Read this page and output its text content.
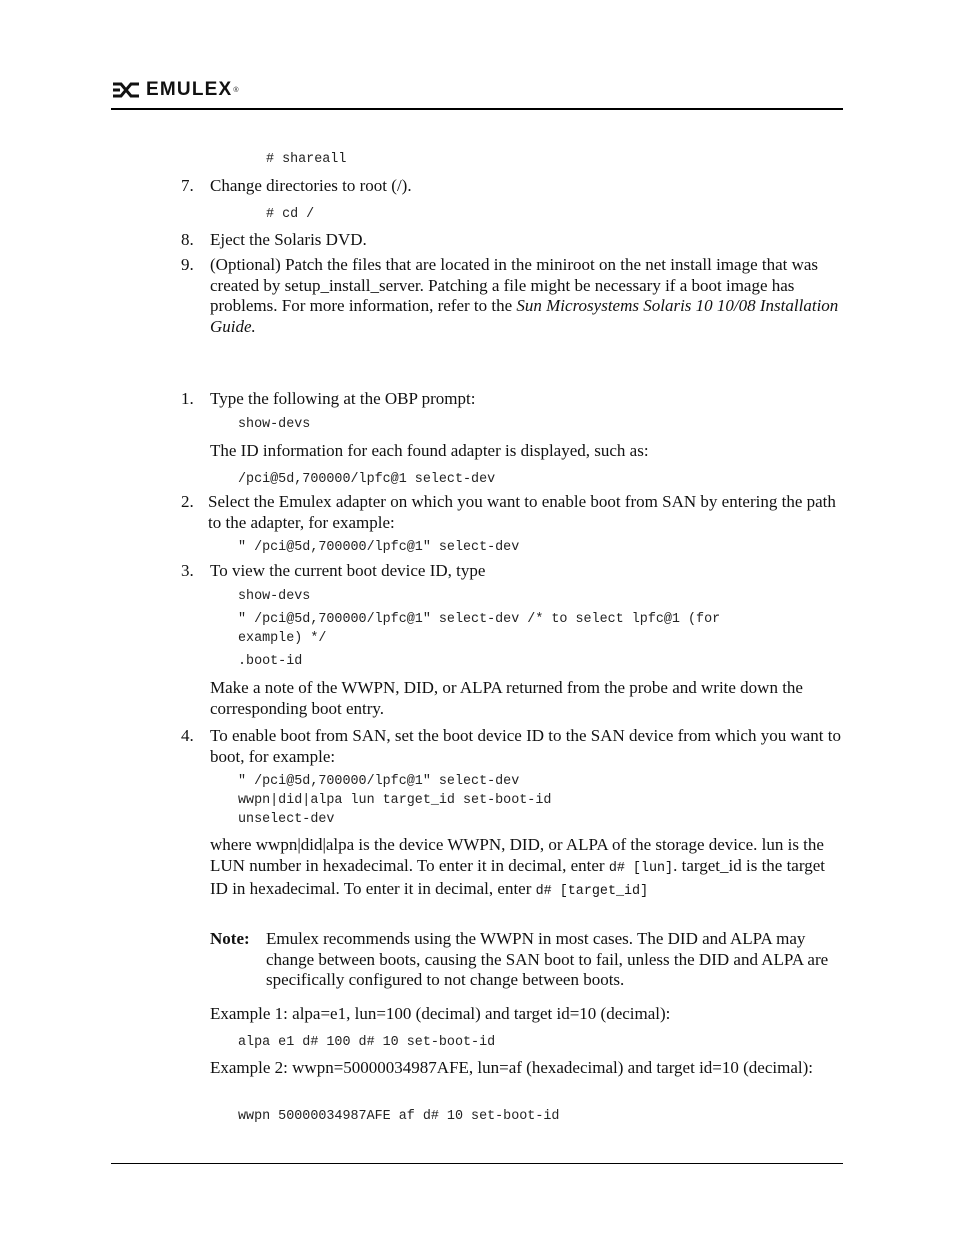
EMULEX ®
# shareall
7. Change directories to root (/).
# cd /
8. Eject the Solaris DVD.
9. (Optional) Patch the files that are located in the miniroot on the net install image that was created by setup_install_server. Patching a file might be necessary if a boot image has problems. For more information, refer to the Sun Microsystems Solaris 10 10/08 Installation Guide.
1. Type the following at the OBP prompt:
show-devs
The ID information for each found adapter is displayed, such as:
/pci@5d,700000/lpfc@1 select-dev
2. Select the Emulex adapter on which you want to enable boot from SAN by entering the path to the adapter, for example:
" /pci@5d,700000/lpfc@1" select-dev
3. To view the current boot device ID, type
show-devs
" /pci@5d,700000/lpfc@1" select-dev /* to select lpfc@1 (for
example) */
.boot-id
Make a note of the WWPN, DID, or ALPA returned from the probe and write down the corresponding boot entry.
4. To enable boot from SAN, set the boot device ID to the SAN device from which you want to boot, for example:
" /pci@5d,700000/lpfc@1" select-dev
wwpn|did|alpa lun target_id set-boot-id
unselect-dev
where wwpn|did|alpa is the device WWPN, DID, or ALPA of the storage device. lun is the LUN number in hexadecimal. To enter it in decimal, enter d# [lun]. target_id is the target ID in hexadecimal. To enter it in decimal, enter d# [target_id]
Note: Emulex recommends using the WWPN in most cases. The DID and ALPA may change between boots, causing the SAN boot to fail, unless the DID and ALPA are specifically configured to not change between boots.
Example 1: alpa=e1, lun=100 (decimal) and target id=10 (decimal):
alpa e1 d# 100 d# 10 set-boot-id
Example 2: wwpn=50000034987AFE, lun=af (hexadecimal) and target id=10 (decimal):
wwpn 50000034987AFE af d# 10 set-boot-id
